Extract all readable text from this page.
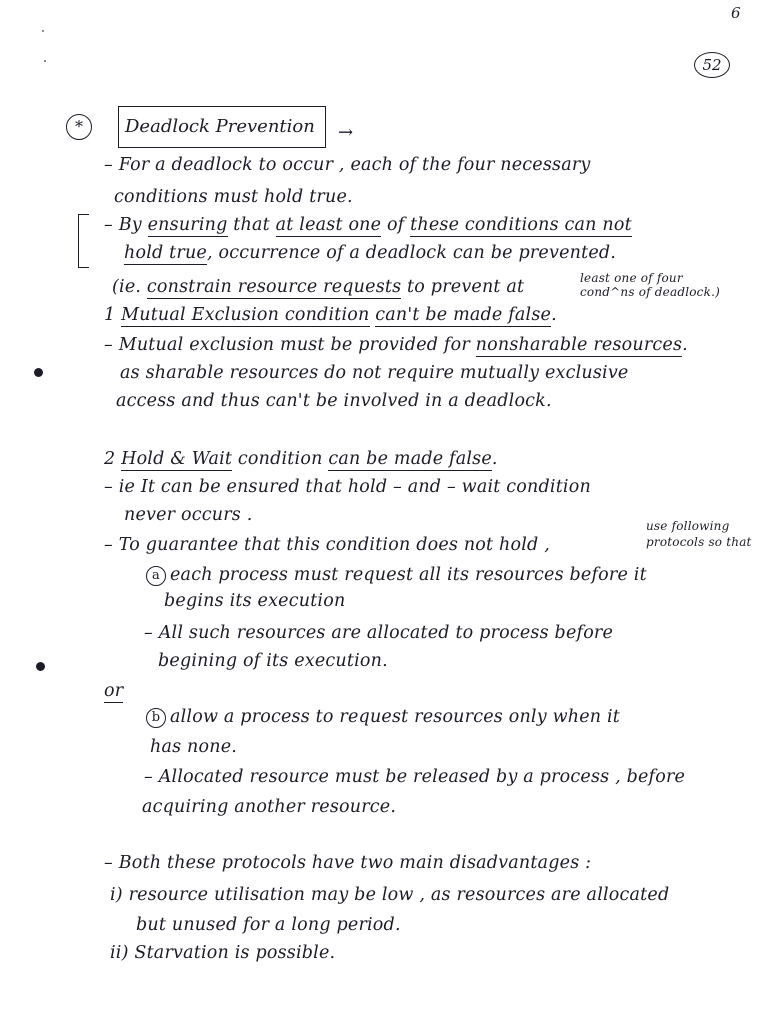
6
52
*	Deadlock Prevention	→
– For a deadlock to occur , each of the four necessary
conditions must hold true.
– By ensuring that at least one of these conditions can not
hold true, occurrence of a deadlock can be prevented.
(ie. constrain resource requests to prevent at	least one of four
cond^ns of deadlock.)
1 Mutual Exclusion condition can't be made false.
– Mutual exclusion must be provided for nonsharable resources.
as sharable resources do not require mutually exclusive
access and thus can't be involved in a deadlock.
2 Hold & Wait condition can be made false.
– ie It can be ensured that hold – and – wait condition
never occurs .
– To guarantee that this condition does not hold ,
use following
protocols so that
a each process must request all its resources before it
begins its execution
– All such resources are allocated to process before
begining of its execution.
or
b allow a process to request resources only when it
has none.
– Allocated resource must be released by a process , before
acquiring another resource.
– Both these protocols have two main disadvantages :
i) resource utilisation may be low , as resources are allocated
but unused for a long period.
ii) Starvation is possible.
